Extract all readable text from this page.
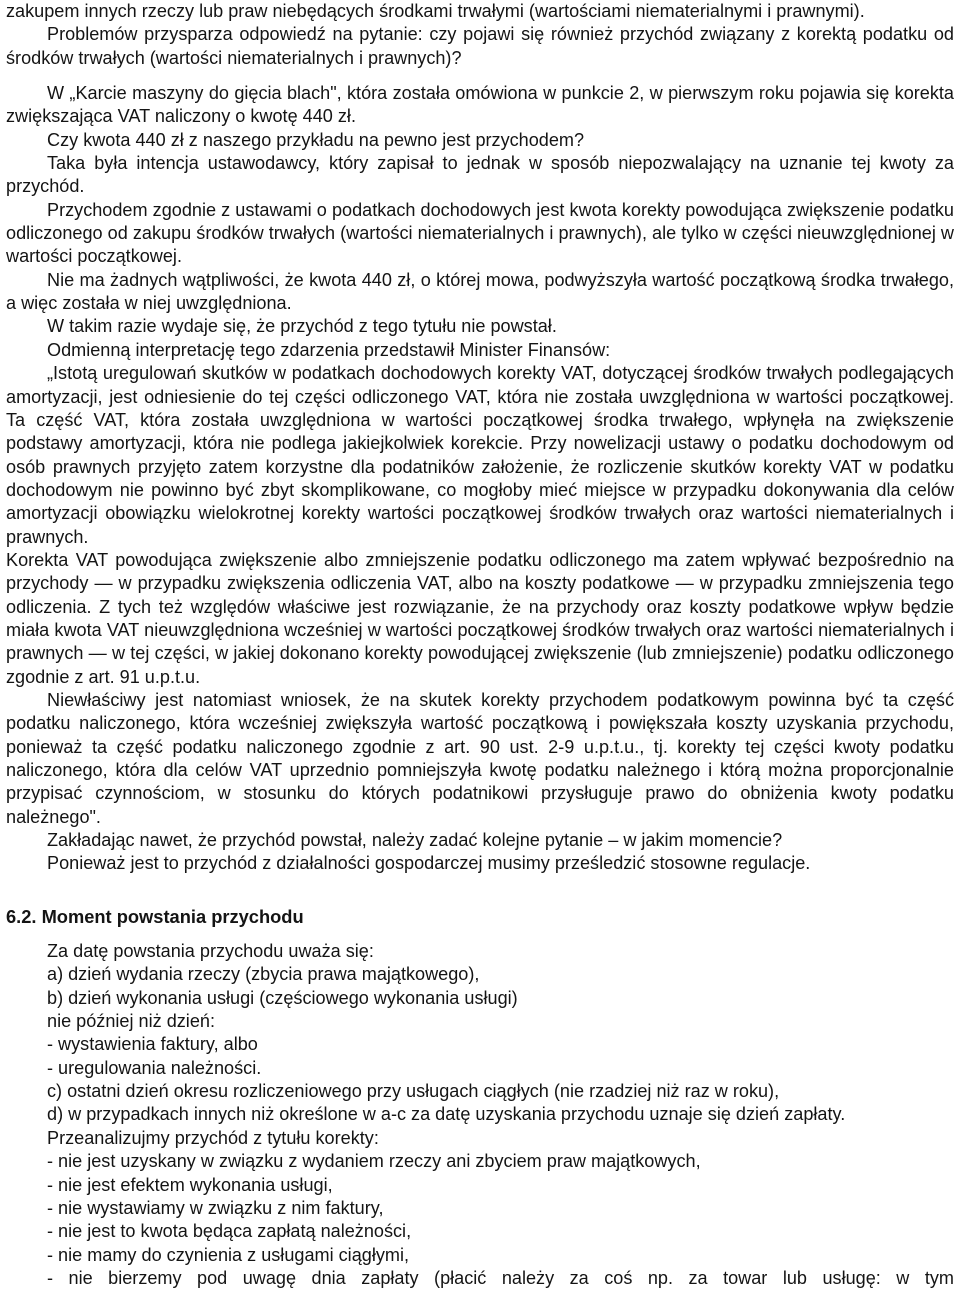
zakupem innych rzeczy lub praw niebędących środkami trwałymi (wartościami niematerialnymi i prawnymi).

Problemów przysparza odpowiedź na pytanie: czy pojawi się również przychód związany z korektą podatku od środków trwałych (wartości niematerialnych i prawnych)?

W „Karcie maszyny do gięcia blach", która została omówiona w punkcie 2, w pierwszym roku pojawia się korekta zwiększająca VAT naliczony o kwotę 440 zł.

Czy kwota 440 zł z naszego przykładu na pewno jest przychodem?

Taka była intencja ustawodawcy, który zapisał to jednak w sposób niepozwalający na uznanie tej kwoty za przychód.

Przychodem zgodnie z ustawami o podatkach dochodowych jest kwota korekty powodująca zwiększenie podatku odliczonego od zakupu środków trwałych (wartości niematerialnych i prawnych), ale tylko w części nieuwzględnionej w wartości początkowej.

Nie ma żadnych wątpliwości, że kwota 440 zł, o której mowa, podwyższyła wartość początkową środka trwałego, a więc została w niej uwzględniona.

W takim razie wydaje się, że przychód z tego tytułu nie powstał.

Odmienną interpretację tego zdarzenia przedstawił Minister Finansów:

„Istotą uregulowań skutków w podatkach dochodowych korekty VAT, dotyczącej środków trwałych podlegających amortyzacji, jest odniesienie do tej części odliczonego VAT, która nie została uwzględniona w wartości początkowej. Ta część VAT, która została uwzględniona w wartości początkowej środka trwałego, wpłynęła na zwiększenie podstawy amortyzacji, która nie podlega jakiejkolwiek korekcie. Przy nowelizacji ustawy o podatku dochodowym od osób prawnych przyjęto zatem korzystne dla podatników założenie, że rozliczenie skutków korekty VAT w podatku dochodowym nie powinno być zbyt skomplikowane, co mogłoby mieć miejsce w przypadku dokonywania dla celów amortyzacji obowiązku wielokrotnej korekty wartości początkowej środków trwałych oraz wartości niematerialnych i prawnych.

Korekta VAT powodująca zwiększenie albo zmniejszenie podatku odliczonego ma zatem wpływać bezpośrednio na przychody — w przypadku zwiększenia odliczenia VAT, albo na koszty podatkowe — w przypadku zmniejszenia tego odliczenia. Z tych też względów właściwe jest rozwiązanie, że na przychody oraz koszty podatkowe wpływ będzie miała kwota VAT nieuwzględniona wcześniej w wartości początkowej środków trwałych oraz wartości niematerialnych i prawnych — w tej części, w jakiej dokonano korekty powodującej zwiększenie (lub zmniejszenie) podatku odliczonego zgodnie z art. 91 u.p.t.u.

Niewłaściwy jest natomiast wniosek, że na skutek korekty przychodem podatkowym powinna być ta część podatku naliczonego, która wcześniej zwiększyła wartość początkową i powiększała koszty uzyskania przychodu, ponieważ ta część podatku naliczonego zgodnie z art. 90 ust. 2-9 u.p.t.u., tj. korekty tej części kwoty podatku naliczonego, która dla celów VAT uprzednio pomniejszyła kwotę podatku należnego i którą można proporcjonalnie przypisać czynnościom, w stosunku do których podatnikowi przysługuje prawo do obniżenia kwoty podatku należnego".

Zakładając nawet, że przychód powstał, należy zadać kolejne pytanie – w jakim momencie?

Ponieważ jest to przychód z działalności gospodarczej musimy prześledzić stosowne regulacje.

6.2. Moment powstania przychodu

Za datę powstania przychodu uważa się:

a) dzień wydania rzeczy (zbycia prawa majątkowego),

b) dzień wykonania usługi (częściowego wykonania usługi)

nie później niż dzień:

- wystawienia faktury, albo

- uregulowania należności.

c) ostatni dzień okresu rozliczeniowego przy usługach ciągłych (nie rzadziej niż raz w roku),

d) w przypadkach innych niż określone w a-c za datę uzyskania przychodu uznaje się dzień zapłaty.

Przeanalizujmy przychód z tytułu korekty:

- nie jest uzyskany w związku z wydaniem rzeczy ani zbyciem praw majątkowych,

- nie jest efektem wykonania usługi,

- nie wystawiamy w związku z nim faktury,

- nie jest to kwota będąca zapłatą należności,

- nie mamy do czynienia z usługami ciągłymi,

- nie bierzemy pod uwagę dnia zapłaty (płacić należy za coś np. za towar lub usługę: w tym
